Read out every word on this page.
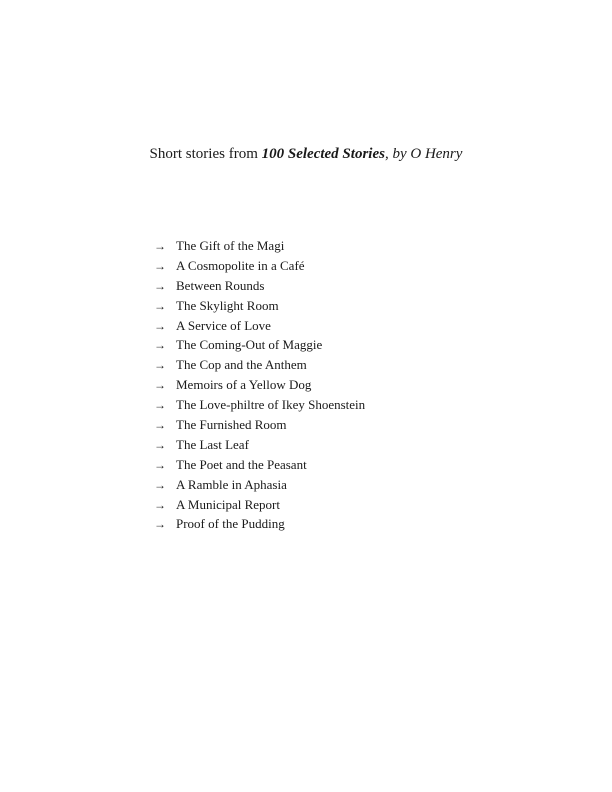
Short stories from 100 Selected Stories, by O Henry
→ The Gift of the Magi
→ A Cosmopolite in a Café
→ Between Rounds
→ The Skylight Room
→ A Service of Love
→ The Coming-Out of Maggie
→ The Cop and the Anthem
→ Memoirs of a Yellow Dog
→ The Love-philtre of Ikey Shoenstein
→ The Furnished Room
→ The Last Leaf
→ The Poet and the Peasant
→ A Ramble in Aphasia
→ A Municipal Report
→ Proof of the Pudding
